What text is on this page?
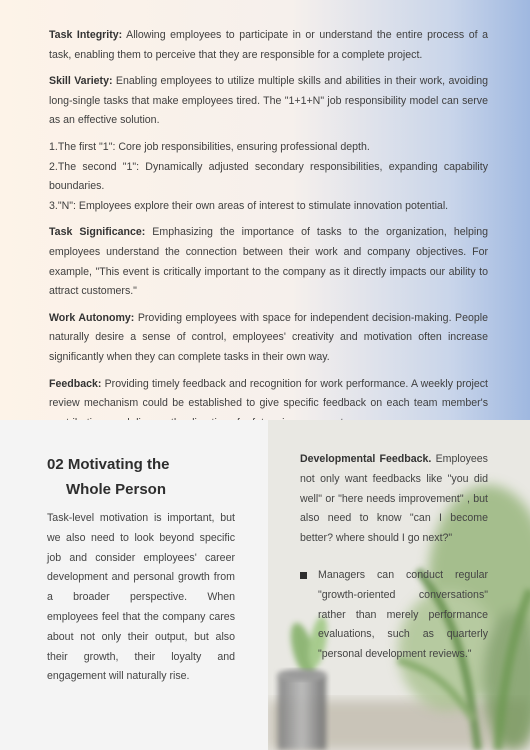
Task Integrity: Allowing employees to participate in or understand the entire process of a task, enabling them to perceive that they are responsible for a complete project.

Skill Variety: Enabling employees to utilize multiple skills and abilities in their work, avoiding long-single tasks that make employees tired. The "1+1+N" job responsibility model can serve as an effective solution.

1.The first "1": Core job responsibilities, ensuring professional depth.

2.The second "1": Dynamically adjusted secondary responsibilities, expanding capability boundaries.

3."N": Employees explore their own areas of interest to stimulate innovation potential.

Task Significance: Emphasizing the importance of tasks to the organization, helping employees understand the connection between their work and company objectives. For example, "This event is critically important to the company as it directly impacts our ability to attract customers."

Work Autonomy: Providing employees with space for independent decision-making. People naturally desire a sense of control, employees' creativity and motivation often increase significantly when they can complete tasks in their own way.

Feedback: Providing timely feedback and recognition for work performance. A weekly project review mechanism could be established to give specific feedback on each team member's

02 Motivating the
Whole Person

Task-level motivation is important, but we also need to look beyond specific job and consider employees' career development and personal growth from a broader perspective. When employees feel that the company cares about not only their output, but also their growth, their loyalty and engagement will naturally rise.

Developmental Feedback. Employees not only want feedbacks like "you did well" or "here needs improvement" , but also need to know "can I become better? where should I go next?"

Managers can conduct regular "growth-oriented conversations" rather than merely performance evaluations, such as quarterly "personal development reviews."
